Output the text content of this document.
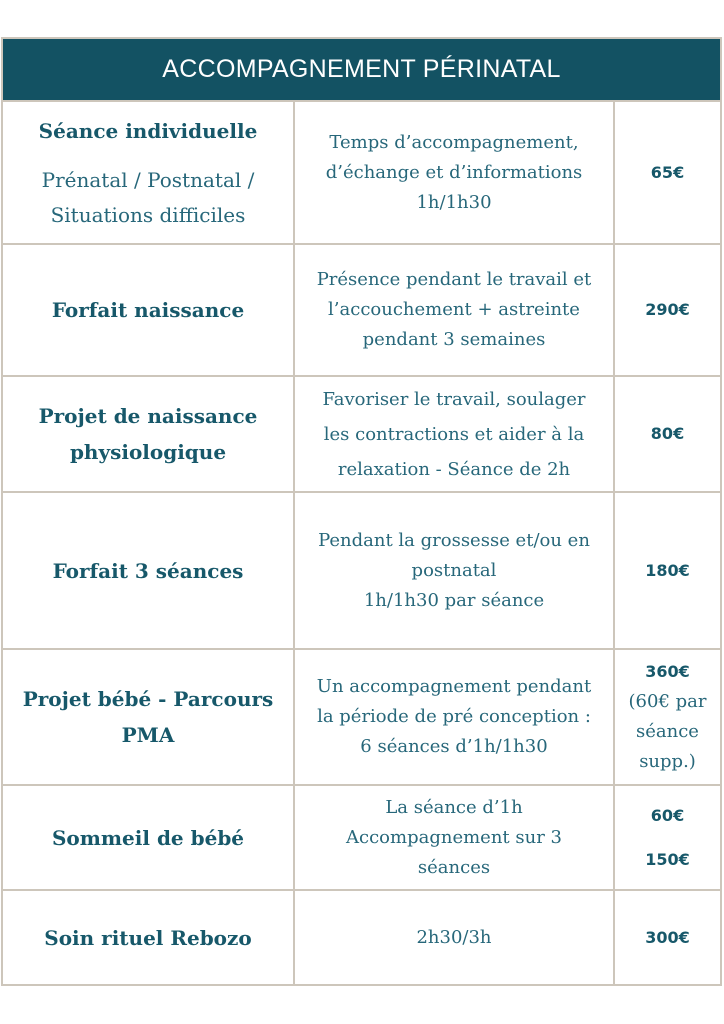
ACCOMPAGNEMENT PÉRINATAL
Séance individuelle
Prénatal / Postnatal /
Situations difficiles
Temps d’accompagnement,
d’échange et d’informations
1h/1h30
65€
Forfait naissance
Présence pendant le travail et
l’accouchement + astreinte
pendant 3 semaines
290€
Projet de naissance
physiologique
Favoriser le travail, soulager
les contractions et aider à la
relaxation - Séance de 2h
80€
Forfait 3 séances
Pendant la grossesse et/ou en
postnatal
1h/1h30 par séance
180€
Projet bébé - Parcours
PMA
Un accompagnement pendant
la période de pré conception :
6 séances d’1h/1h30
360€
(60€ par
séance
supp.)
Sommeil de bébé
La séance d’1h
Accompagnement sur 3
séances
60€
150€
Soin rituel Rebozo	2h30/3h	300€
